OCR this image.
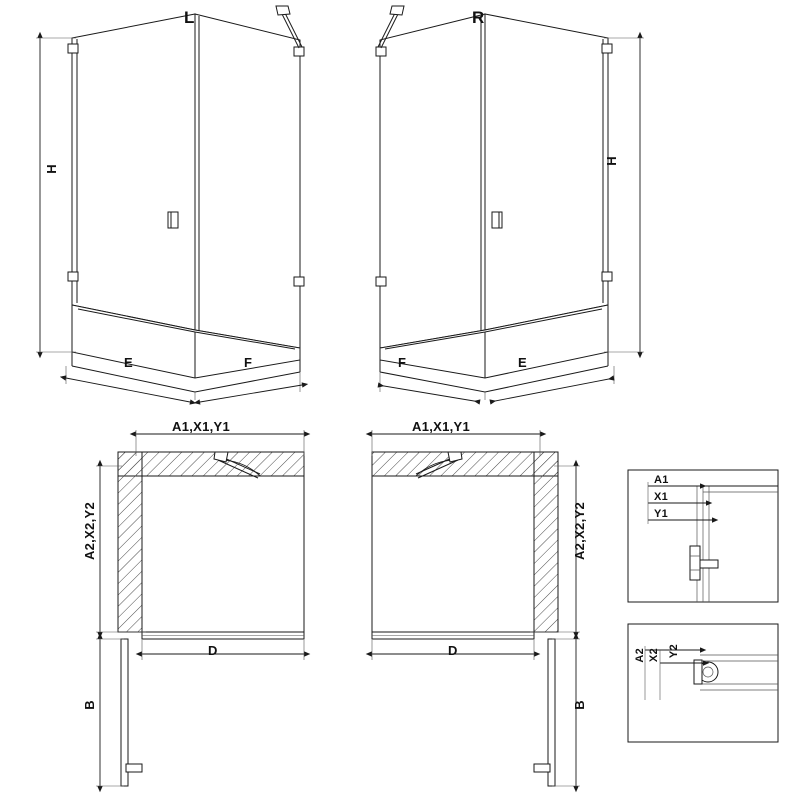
L	R
H
H
E	F	F	E
A1,X1,Y1	A1,X1,Y1
A2,X2,Y2	A2,X2,Y2
D	D
B	B
A1
X1
Y1
A2 X2 Y2
